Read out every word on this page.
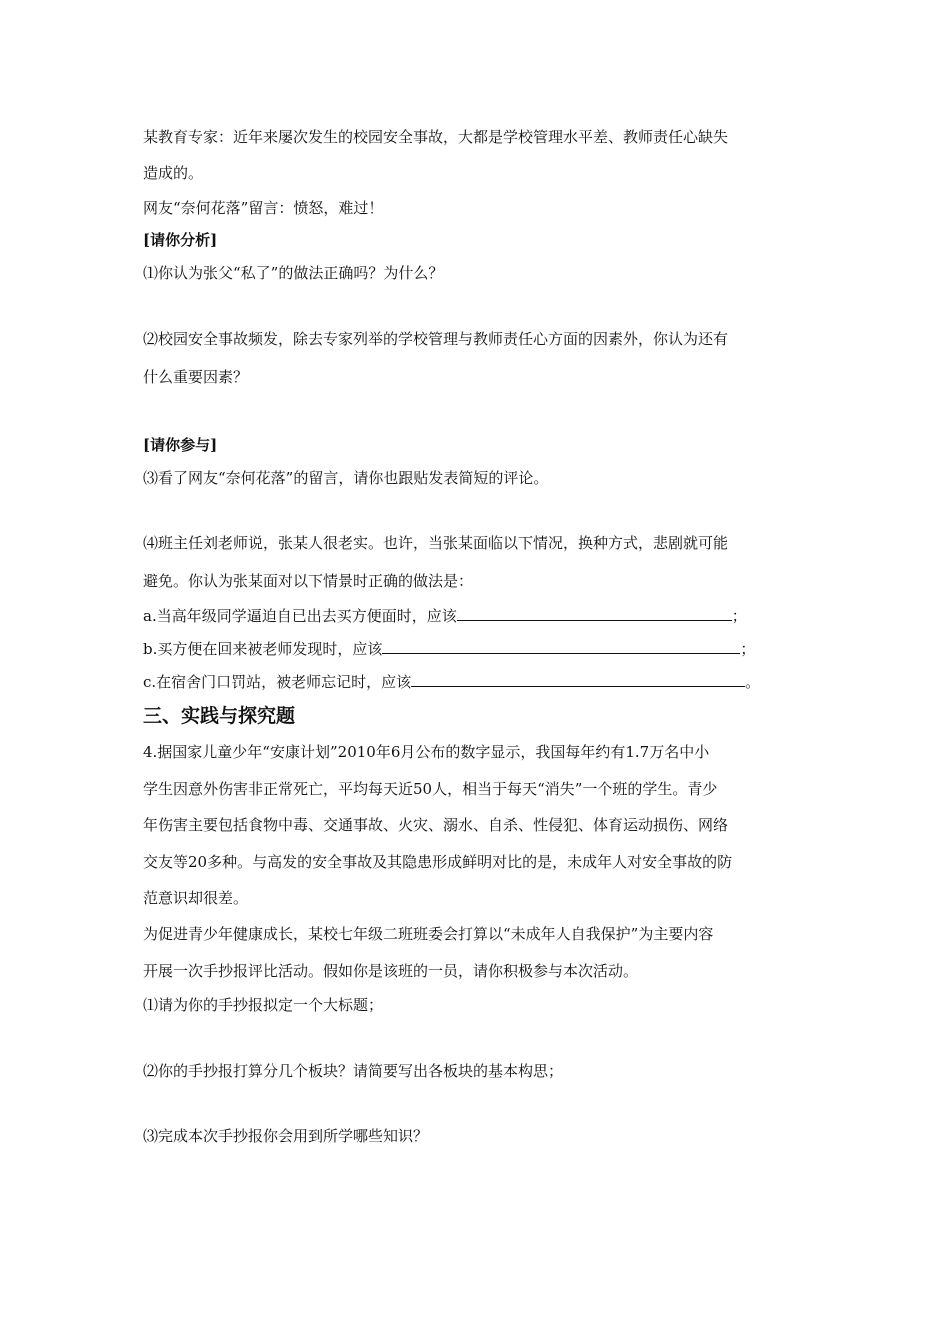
某教育专家：近年来屡次发生的校园安全事故，大都是学校管理水平差、教师责任心缺失
造成的。
网友“奈何花落”留言：愤怒，难过！
[请你分析]
⑴你认为张父“私了”的做法正确吗？为什么？
⑵校园安全事故频发，除去专家列举的学校管理与教师责任心方面的因素外，你认为还有
什么重要因素？
[请你参与]
⑶看了网友“奈何花落”的留言，请你也跟贴发表简短的评论。
⑷班主任刘老师说，张某人很老实。也许，当张某面临以下情况，换种方式，悲剧就可能
避免。你认为张某面对以下情景时正确的做法是：
a.当高年级同学逼迫自已出去买方便面时，应该	；
b.买方便在回来被老师发现时，应该	；
c.在宿舍门口罚站，被老师忘记时，应该	。
三、实践与探究题
4.据国家儿童少年“安康计划”2010年6月公布的数字显示，我国每年约有1.7万名中小
学生因意外伤害非正常死亡，平均每天近50人，相当于每天“消失”一个班的学生。青少
年伤害主要包括食物中毒、交通事故、火灾、溺水、自杀、性侵犯、体育运动损伤、网络
交友等20多种。与高发的安全事故及其隐患形成鲜明对比的是，未成年人对安全事故的防
范意识却很差。
为促进青少年健康成长，某校七年级二班班委会打算以“未成年人自我保护”为主要内容
开展一次手抄报评比活动。假如你是该班的一员，请你积极参与本次活动。
⑴请为你的手抄报拟定一个大标题；
⑵你的手抄报打算分几个板块？请简要写出各板块的基本构思；
⑶完成本次手抄报你会用到所学哪些知识？
